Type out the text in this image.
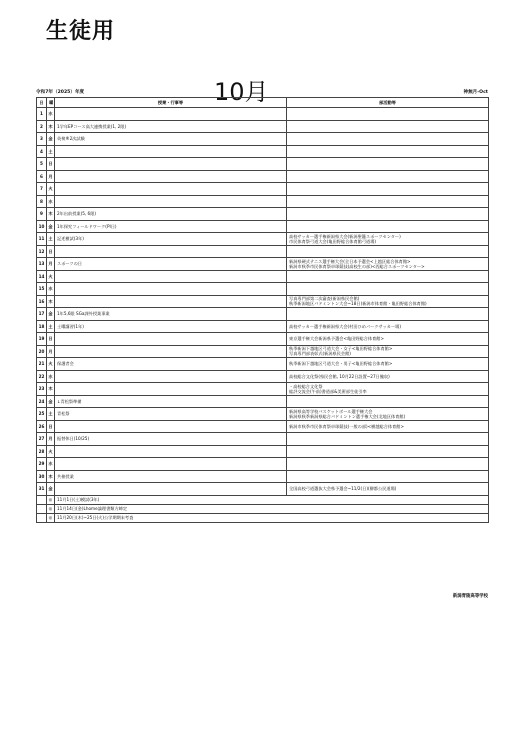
生徒用
令和7年（2025）年度	10月	神無月-Oct
日	曜	授業・行事等	部活動等
1	水		
2	木	1学年EPコース高大連携授業(1, 2限)	
3	金	英検®2次試験	
4	土		
5	日		
6	月		
7	火		
8	水		
9	木	2年出前授業(5, 6限)	
10	金	1年探究フィールドワーク(PⅠ日)	
11	土	記述模試(3年)	高校サッカー選手権新潟県大会(新潟聖籠スポーツセンター)
市民体育祭弓道大会(亀田野総合体育館弓道場)

12	日		
13	月	スポーツの日	新潟県硬式テニス選手権大会(全日本予選会<上越区総合体育館>
新潟市秋季市民体育祭卓球競技(高校生の部)<西総合スポーツセンター>

14	火		
15	水		
16	木		写真専門部第二次審査(新潟県民会館)
秋季新潟地区バドミントン大会~18日(新潟市体育館・亀田野総合体育館)

17	金	1年5,6限 SGa課外授業事業	
18	土	土曜講習(1年)	高校サッカー選手権新潟県大会(村田ひめパークサッカー場)

19	日		東京選手権大会新潟県予選会<亀田野総合体育館>

20	月		秋季新潟下越地区弓道大会・女子<亀田野総合体育館>
写真専門部表彰式(新潟県民会館)

21	火	保護者会	秋季新潟下越地区弓道大会・男子<亀田野総合体育館>

22	水		高校総合文化祭(県民会館, 10月22日設置~27日撤収)

23	木		・高校総合文化祭
総評交流会(午前)書道部&美術部生徒引率

24	金	↓青松祭準備	
25	土	青松祭	新潟県高等学校バスケットボール選手権大会
新潟県秋季新潟県総合バドミントン選手権大会(北地区体育館)

26	日		新潟市秋季市民体育祭卓球競技(一般の部)<横越総合体育館>

27	月	振替休日(10/25)	
28	火		
29	水		
30	木	共催授業	
31	金		全国高校弓道選抜大会県予選会~11/2(日)(柳都公民道場)

	◎	11月1日(土)模試(3年)	
	◎	11月14日(金)Lhome論理書類方締定	
	◎	11月20日(木)~25日(火)公学期期末考査	
新潟青陵高等学校
